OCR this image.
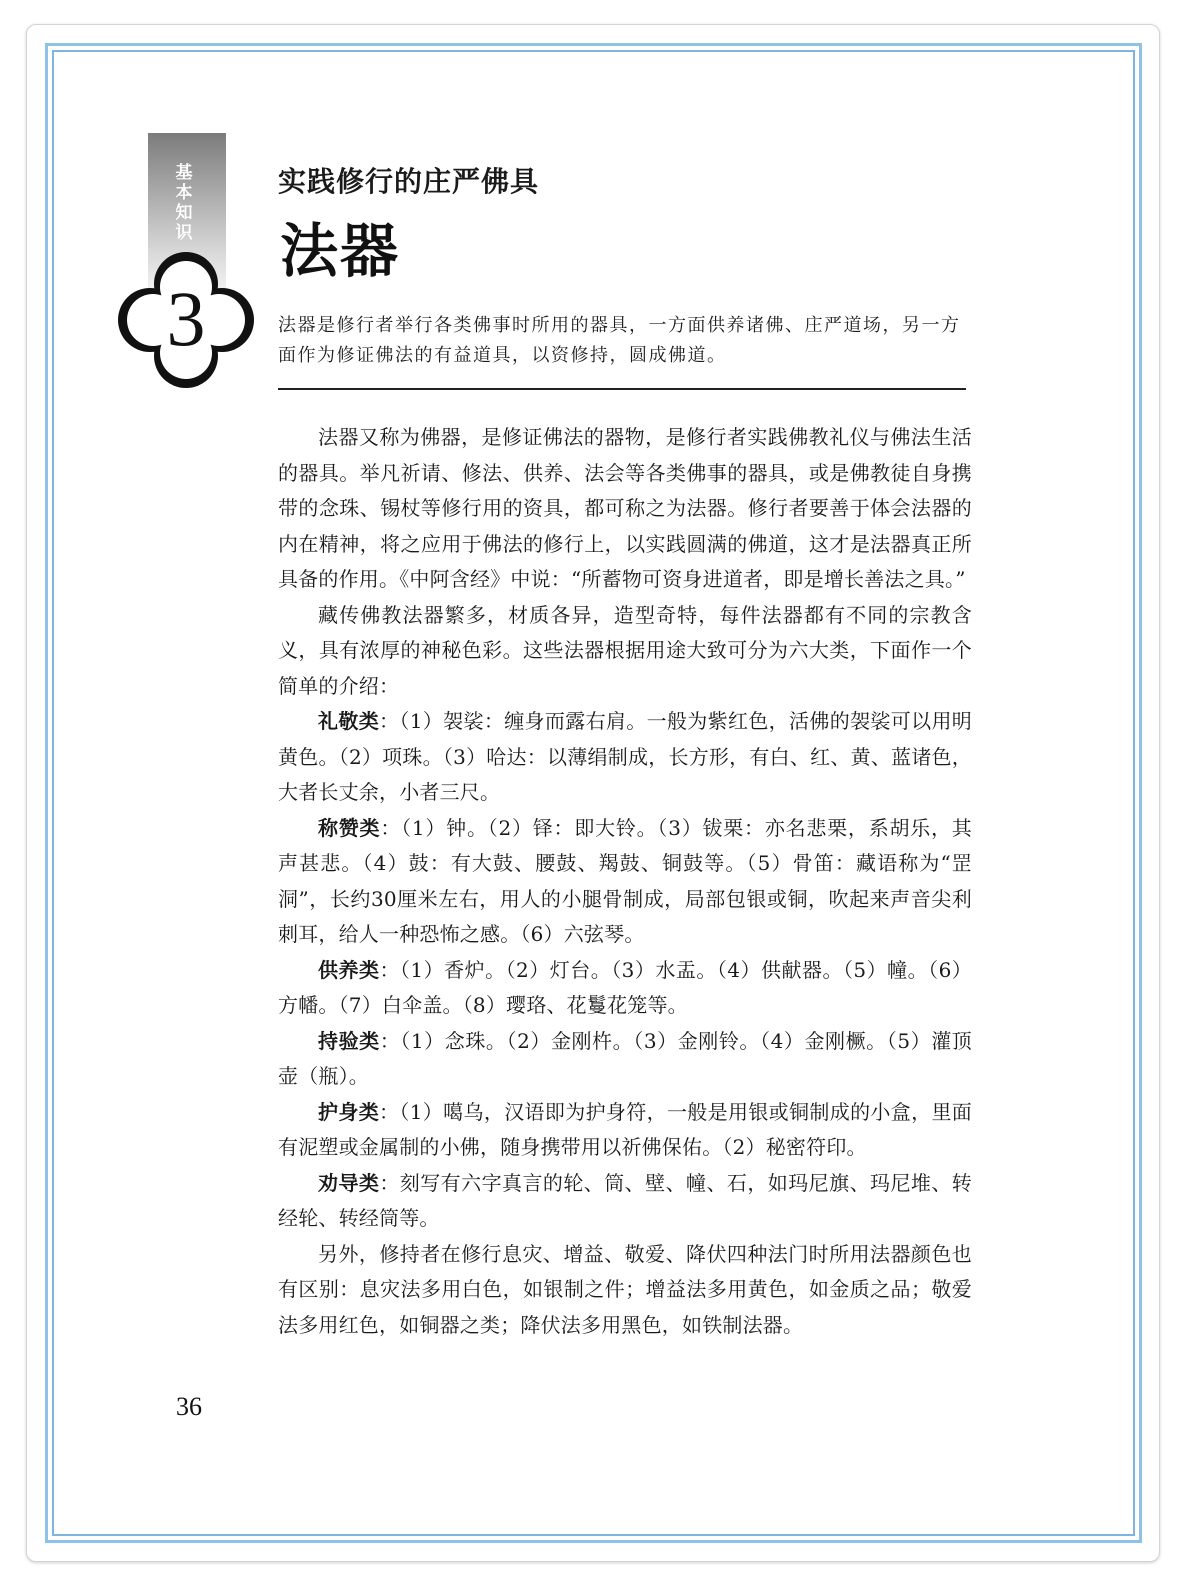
基本知识
3
实践修行的庄严佛具
法器
法器是修行者举行各类佛事时所用的器具，一方面供养诸佛、庄严道场，另一方面作为修证佛法的有益道具，以资修持，圆成佛道。

法器又称为佛器，是修证佛法的器物，是修行者实践佛教礼仪与佛法生活的器具。举凡祈请、修法、供养、法会等各类佛事的器具，或是佛教徒自身携带的念珠、锡杖等修行用的资具，都可称之为法器。修行者要善于体会法器的内在精神，将之应用于佛法的修行上，以实践圆满的佛道，这才是法器真正所具备的作用。《中阿含经》中说：“所蓄物可资身进道者，即是增长善法之具。”

藏传佛教法器繁多，材质各异，造型奇特，每件法器都有不同的宗教含义，具有浓厚的神秘色彩。这些法器根据用途大致可分为六大类，下面作一个简单的介绍：

礼敬类：（1）袈裟：缠身而露右肩。一般为紫红色，活佛的袈裟可以用明黄色。（2）项珠。（3）哈达：以薄绢制成，长方形，有白、红、黄、蓝诸色，大者长丈余，小者三尺。

称赞类：（1）钟。（2）铎：即大铃。（3）钹栗：亦名悲栗，系胡乐，其声甚悲。（4）鼓：有大鼓、腰鼓、羯鼓、铜鼓等。（5）骨笛：藏语称为“罡洞”，长约30厘米左右，用人的小腿骨制成，局部包银或铜，吹起来声音尖利刺耳，给人一种恐怖之感。（6）六弦琴。

供养类：（1）香炉。（2）灯台。（3）水盂。（4）供献器。（5）幢。（6）方幡。（7）白伞盖。（8）璎珞、花鬘花笼等。

持验类：（1）念珠。（2）金刚杵。（3）金刚铃。（4）金刚橛。（5）灌顶壶（瓶）。

护身类：（1）噶乌，汉语即为护身符，一般是用银或铜制成的小盒，里面有泥塑或金属制的小佛，随身携带用以祈佛保佑。（2）秘密符印。

劝导类：刻写有六字真言的轮、筒、壁、幢、石，如玛尼旗、玛尼堆、转经轮、转经筒等。

另外，修持者在修行息灾、增益、敬爱、降伏四种法门时所用法器颜色也有区别：息灾法多用白色，如银制之件；增益法多用黄色，如金质之品；敬爱法多用红色，如铜器之类；降伏法多用黑色，如铁制法器。

36
